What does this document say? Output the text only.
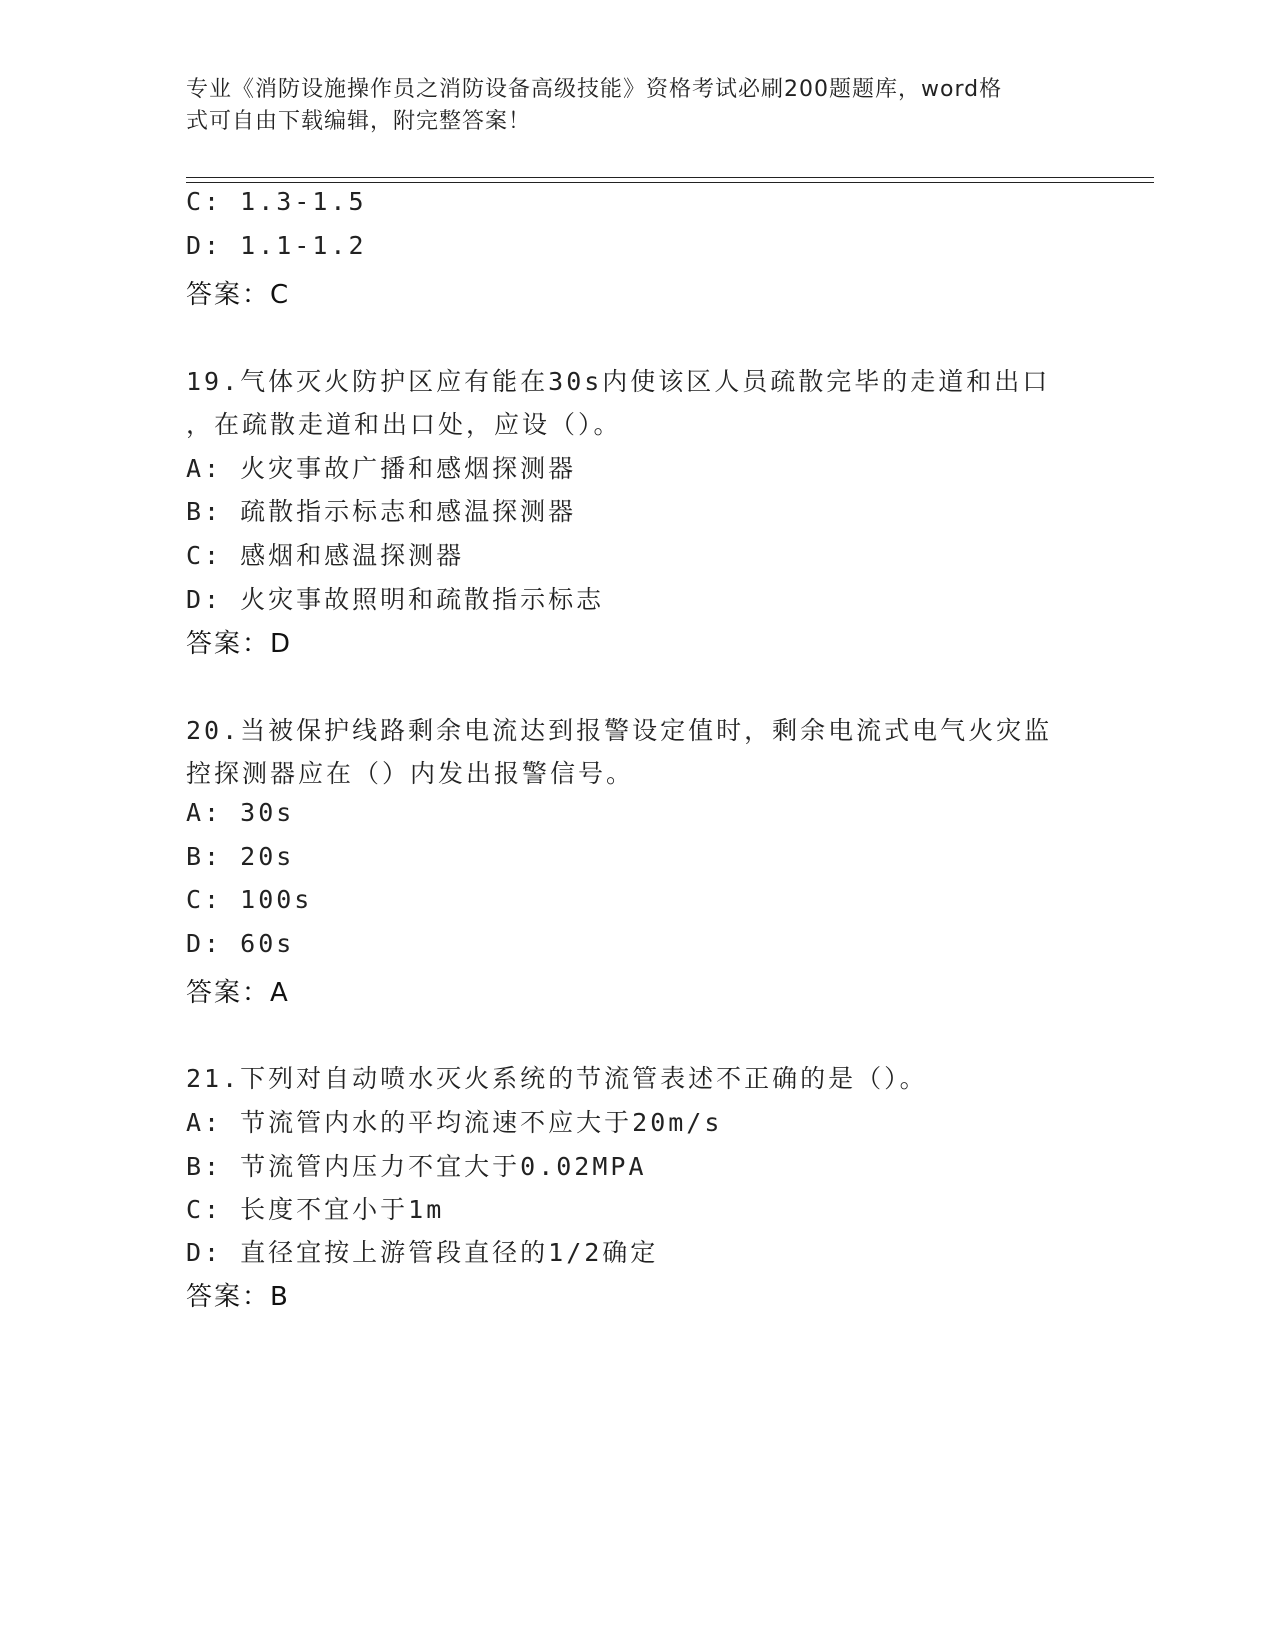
专业《消防设施操作员之消防设备高级技能》资格考试必刷200题题库，word格
式可自由下载编辑，附完整答案！
C: 1.3-1.5
D: 1.1-1.2
答案：C
19.气体灭火防护区应有能在30s内使该区人员疏散完毕的走道和出口
，在疏散走道和出口处，应设（）。
A: 火灾事故广播和感烟探测器
B: 疏散指示标志和感温探测器
C: 感烟和感温探测器
D: 火灾事故照明和疏散指示标志
答案：D
20.当被保护线路剩余电流达到报警设定值时，剩余电流式电气火灾监
控探测器应在（）内发出报警信号。
A: 30s
B: 20s
C: 100s
D: 60s
答案：A
21.下列对自动喷水灭火系统的节流管表述不正确的是（）。
A: 节流管内水的平均流速不应大于20m/s
B: 节流管内压力不宜大于0.02MPA
C: 长度不宜小于1m
D: 直径宜按上游管段直径的1/2确定
答案：B
